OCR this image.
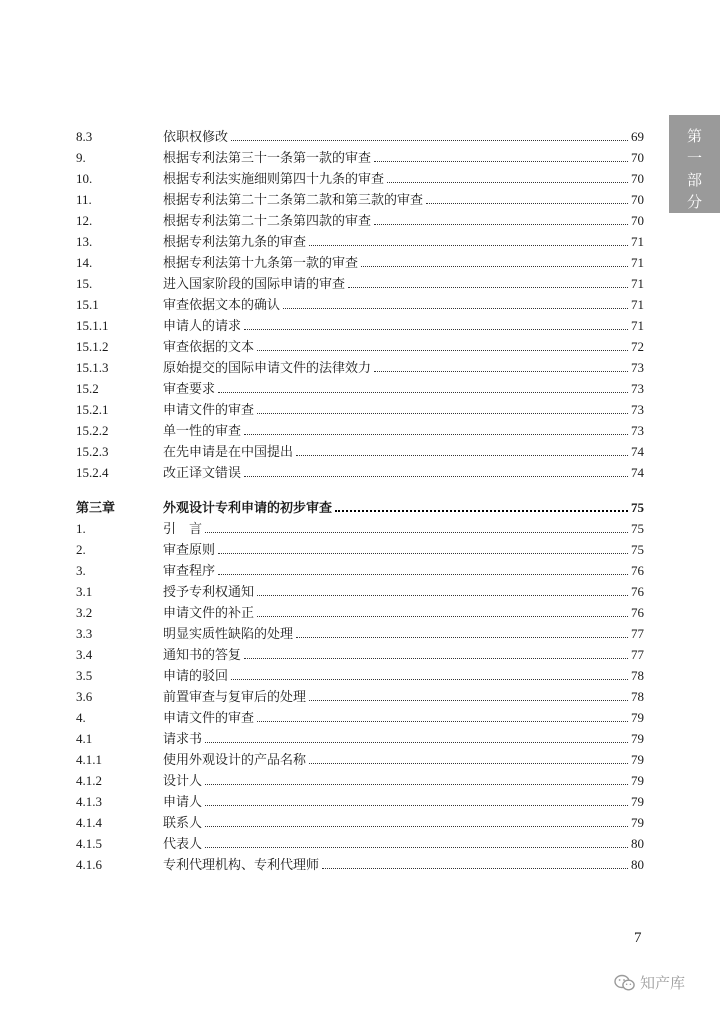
第
一
部
分
8.3	依职权修改	69
9.	根据专利法第三十一条第一款的审查	70
10.	根据专利法实施细则第四十九条的审查	70
11.	根据专利法第二十二条第二款和第三款的审查	70
12.	根据专利法第二十二条第四款的审查	70
13.	根据专利法第九条的审查	71
14.	根据专利法第十九条第一款的审查	71
15.	进入国家阶段的国际申请的审查	71
15.1	审查依据文本的确认	71
15.1.1	申请人的请求	71
15.1.2	审查依据的文本	72
15.1.3	原始提交的国际申请文件的法律效力	73
15.2	审查要求	73
15.2.1	申请文件的审查	73
15.2.2	单一性的审查	73
15.2.3	在先申请是在中国提出	74
15.2.4	改正译文错误	74
第三章	外观设计专利申请的初步审查	75
1.	引　言	75
2.	审查原则	75
3.	审查程序	76
3.1	授予专利权通知	76
3.2	申请文件的补正	76
3.3	明显实质性缺陷的处理	77
3.4	通知书的答复	77
3.5	申请的驳回	78
3.6	前置审查与复审后的处理	78
4.	申请文件的审查	79
4.1	请求书	79
4.1.1	使用外观设计的产品名称	79
4.1.2	设计人	79
4.1.3	申请人	79
4.1.4	联系人	79
4.1.5	代表人	80
4.1.6	专利代理机构、专利代理师	80
7
知产库
